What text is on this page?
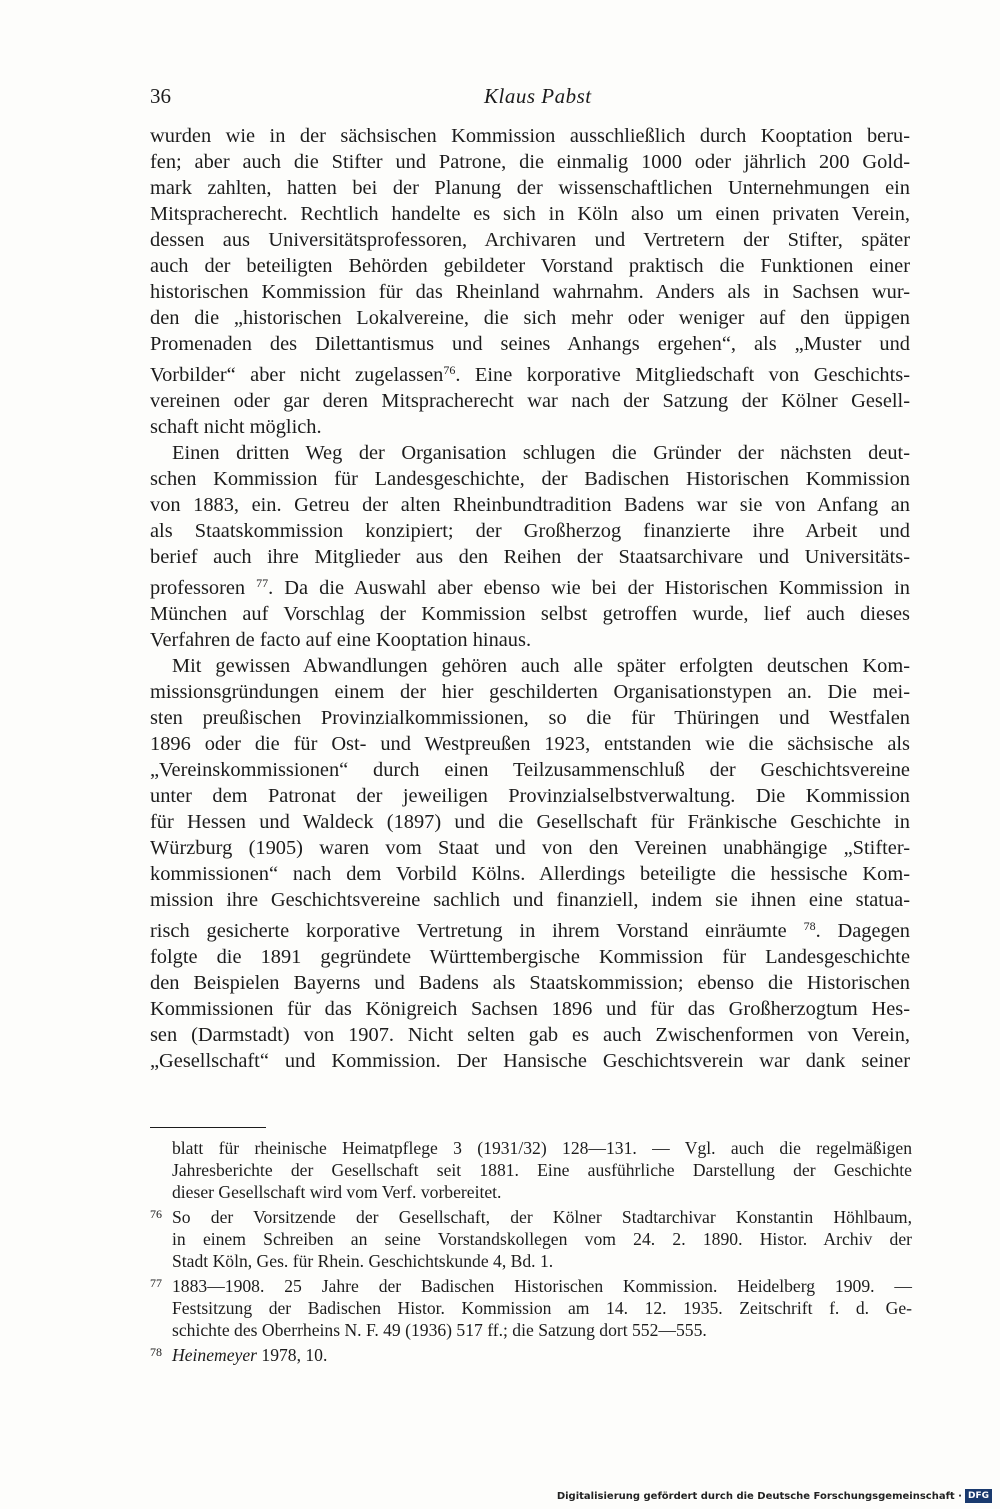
36	Klaus Pabst
wurden wie in der sächsischen Kommission ausschließlich durch Kooptation beru-
fen; aber auch die Stifter und Patrone, die einmalig 1000 oder jährlich 200 Gold-
mark zahlten, hatten bei der Planung der wissenschaftlichen Unternehmungen ein
Mitspracherecht. Rechtlich handelte es sich in Köln also um einen privaten Verein,
dessen aus Universitätsprofessoren, Archivaren und Vertretern der Stifter, später
auch der beteiligten Behörden gebildeter Vorstand praktisch die Funktionen einer
historischen Kommission für das Rheinland wahrnahm. Anders als in Sachsen wur-
den die „historischen Lokalvereine, die sich mehr oder weniger auf den üppigen
Promenaden des Dilettantismus und seines Anhangs ergehen“, als „Muster und
Vorbilder“ aber nicht zugelassen$^{76}$. Eine korporative Mitgliedschaft von Geschichts-
vereinen oder gar deren Mitspracherecht war nach der Satzung der Kölner Gesell-
schaft nicht möglich.
Einen dritten Weg der Organisation schlugen die Gründer der nächsten deut-
schen Kommission für Landesgeschichte, der Badischen Historischen Kommission
von 1883, ein. Getreu der alten Rheinbundtradition Badens war sie von Anfang an
als Staatskommission konzipiert; der Großherzog finanzierte ihre Arbeit und
berief auch ihre Mitglieder aus den Reihen der Staatsarchivare und Universitäts-
professoren $^{77}$. Da die Auswahl aber ebenso wie bei der Historischen Kommission in
München auf Vorschlag der Kommission selbst getroffen wurde, lief auch dieses
Verfahren de facto auf eine Kooptation hinaus.
Mit gewissen Abwandlungen gehören auch alle später erfolgten deutschen Kom-
missionsgründungen einem der hier geschilderten Organisationstypen an. Die mei-
sten preußischen Provinzialkommissionen, so die für Thüringen und Westfalen
1896 oder die für Ost- und Westpreußen 1923, entstanden wie die sächsische als
„Vereinskommissionen“ durch einen Teilzusammenschluß der Geschichtsvereine
unter dem Patronat der jeweiligen Provinzialselbstverwaltung. Die Kommission
für Hessen und Waldeck (1897) und die Gesellschaft für Fränkische Geschichte in
Würzburg (1905) waren vom Staat und von den Vereinen unabhängige „Stifter-
kommissionen“ nach dem Vorbild Kölns. Allerdings beteiligte die hessische Kom-
mission ihre Geschichtsvereine sachlich und finanziell, indem sie ihnen eine statua-
risch gesicherte korporative Vertretung in ihrem Vorstand einräumte $^{78}$. Dagegen
folgte die 1891 gegründete Württembergische Kommission für Landesgeschichte
den Beispielen Bayerns und Badens als Staatskommission; ebenso die Historischen
Kommissionen für das Königreich Sachsen 1896 und für das Großherzogtum Hes-
sen (Darmstadt) von 1907. Nicht selten gab es auch Zwischenformen von Verein,
„Gesellschaft“ und Kommission. Der Hansische Geschichtsverein war dank seiner
blatt für rheinische Heimatpflege 3 (1931/32) 128—131. — Vgl. auch die regelmäßigen
Jahresberichte der Gesellschaft seit 1881. Eine ausführliche Darstellung der Geschichte
dieser Gesellschaft wird vom Verf. vorbereitet.
76 So der Vorsitzende der Gesellschaft, der Kölner Stadtarchivar Konstantin Höhlbaum,
in einem Schreiben an seine Vorstandskollegen vom 24. 2. 1890. Histor. Archiv der
Stadt Köln, Ges. für Rhein. Geschichtskunde 4, Bd. 1.
77 1883—1908. 25 Jahre der Badischen Historischen Kommission. Heidelberg 1909. —
Festsitzung der Badischen Histor. Kommission am 14. 12. 1935. Zeitschrift f. d. Ge-
schichte des Oberrheins N. F. 49 (1936) 517 ff.; die Satzung dort 552—555.
78 Heinemeyer 1978, 10.
Digitalisierung gefördert durch die Deutsche Forschungsgemeinschaft · DFG
